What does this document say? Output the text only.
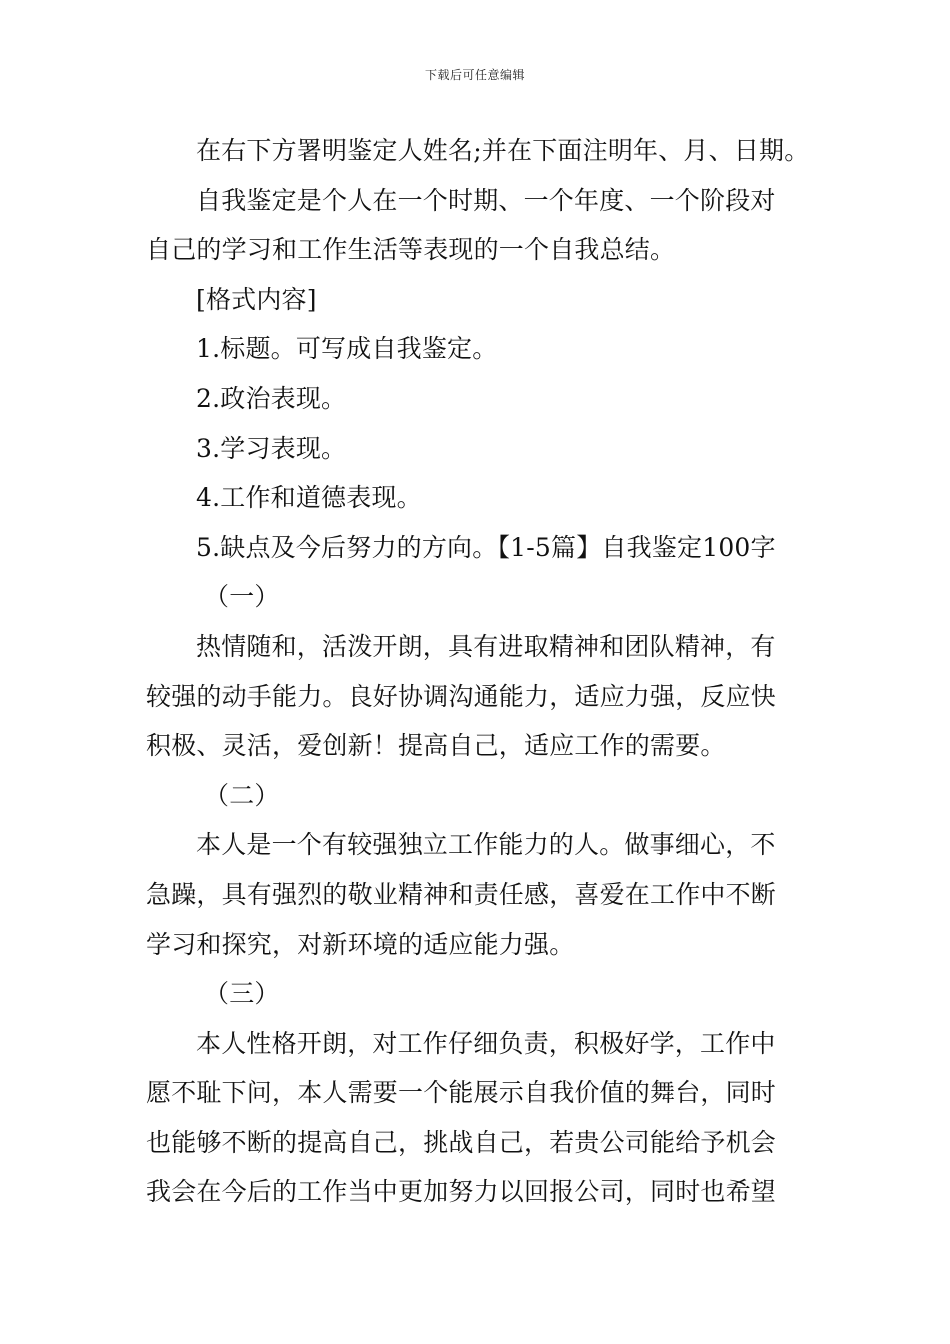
下载后可任意编辑
在右下方署明鉴定人姓名;并在下面注明年、月、日期。
自我鉴定是个人在一个时期、一个年度、一个阶段对
自己的学习和工作生活等表现的一个自我总结。
[格式内容]
1.标题。可写成自我鉴定。
2.政治表现。
3.学习表现。
4.工作和道德表现。
5.缺点及今后努力的方向。【1-5篇】自我鉴定100字
（一）
热情随和，活泼开朗，具有进取精神和团队精神，有
较强的动手能力。良好协调沟通能力，适应力强，反应快
积极、灵活，爱创新！提高自己，适应工作的需要。
（二）
本人是一个有较强独立工作能力的人。做事细心，不
急躁，具有强烈的敬业精神和责任感，喜爱在工作中不断
学习和探究，对新环境的适应能力强。
（三）
本人性格开朗，对工作仔细负责，积极好学，工作中
愿不耻下问，本人需要一个能展示自我价值的舞台，同时
也能够不断的提高自己，挑战自己，若贵公司能给予机会
我会在今后的工作当中更加努力以回报公司，同时也希望
